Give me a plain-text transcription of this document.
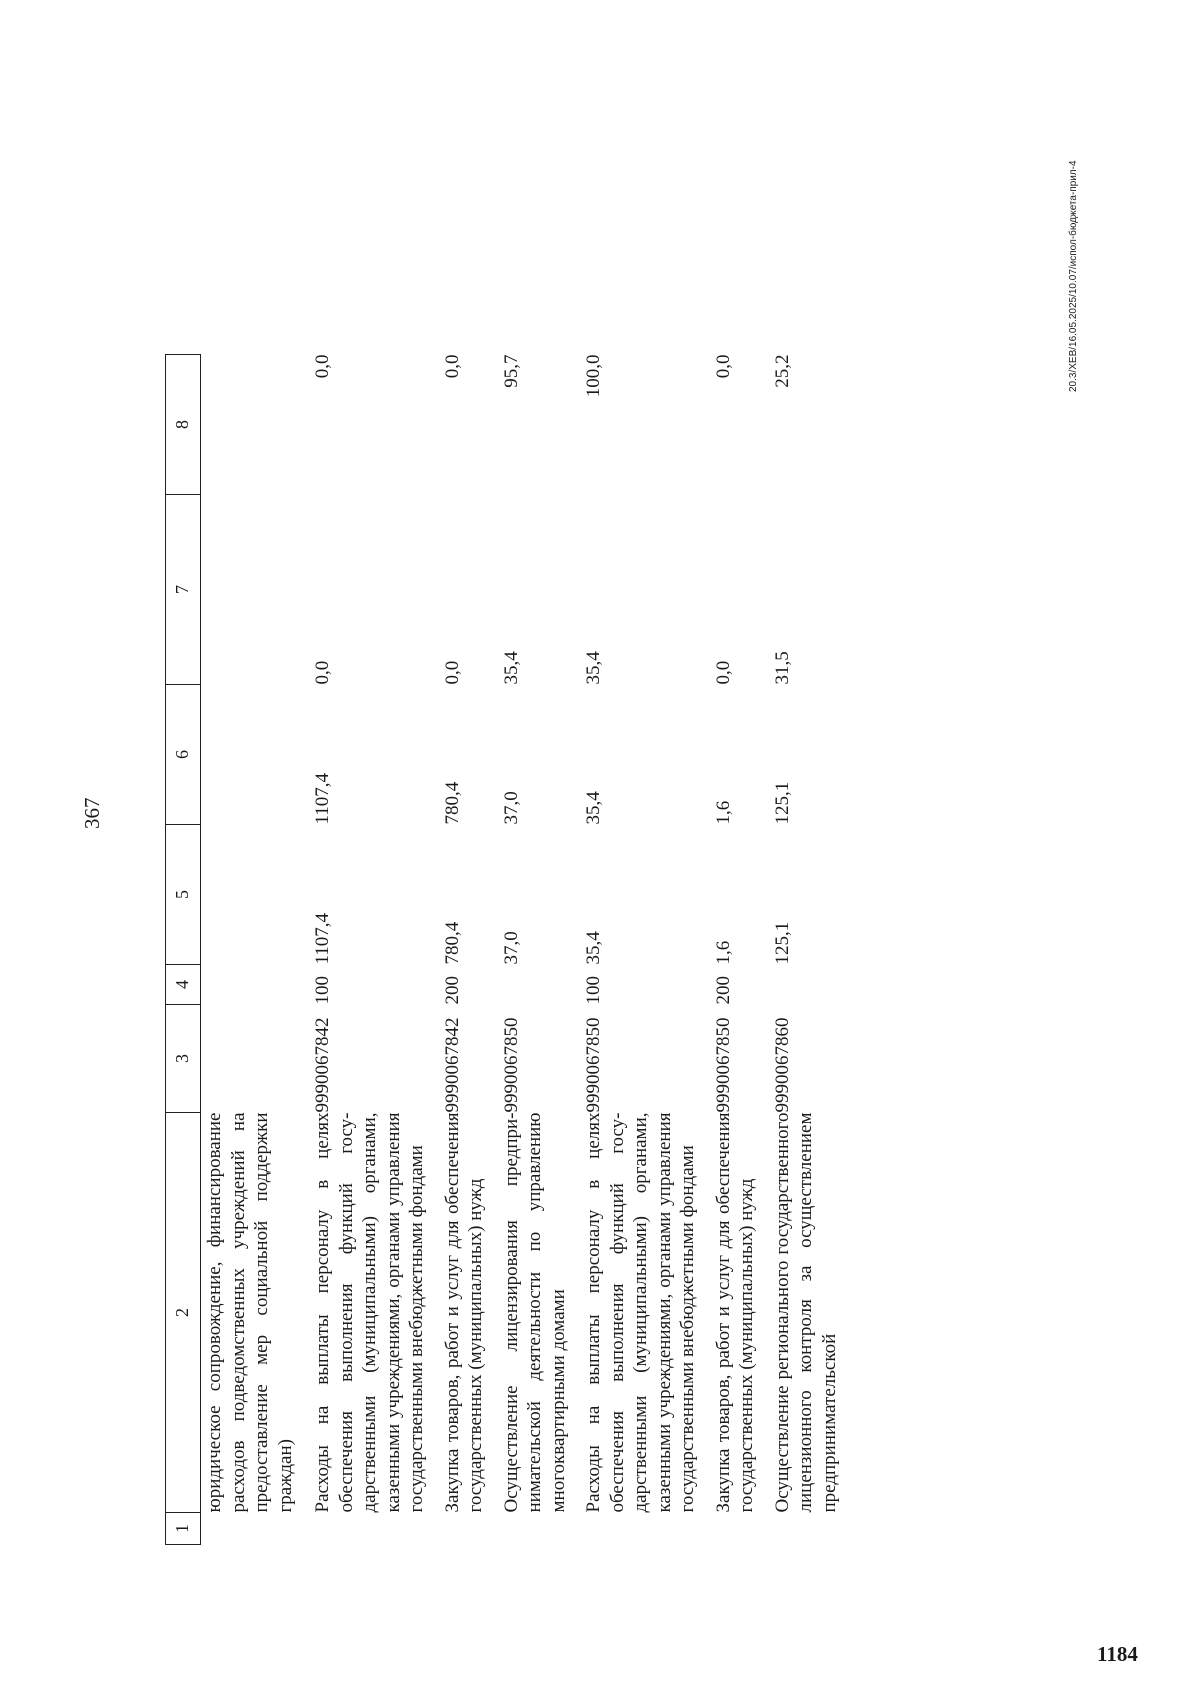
367
1	2	3	4	5	6	7	8
	юридическое сопровождение, финансирование расходов подведомственных учреждений на предоставление мер социальной поддержки граждан)						
	Расходы на выплаты персоналу в целях обеспечения выполнения функций государственными (муниципальными) органами, казенными учреждениями, органами управления государственными внебюджетными фондами	9990067842	100	1107,4	1107,4	0,0	0,0
	Закупка товаров, работ и услуг для обеспечения государственных (муниципальных) нужд	9990067842	200	780,4	780,4	0,0	0,0
	Осуществление лицензирования предпринимательской деятельности по управлению многоквартирными домами	9990067850		37,0	37,0	35,4	95,7
	Расходы на выплаты персоналу в целях обеспечения выполнения функций государственными (муниципальными) органами, казенными учреждениями, органами управления государственными внебюджетными фондами	9990067850	100	35,4	35,4	35,4	100,0
	Закупка товаров, работ и услуг для обеспечения государственных (муниципальных) нужд	9990067850	200	1,6	1,6	0,0	0,0
	Осуществление регионального государственного лицензионного контроля за осуществлением предпринимательской	9990067860		125,1	125,1	31,5	25,2	20.3/ХЕВ/16.05.2025/10.07/испол-бюджета-прил-4
1184
